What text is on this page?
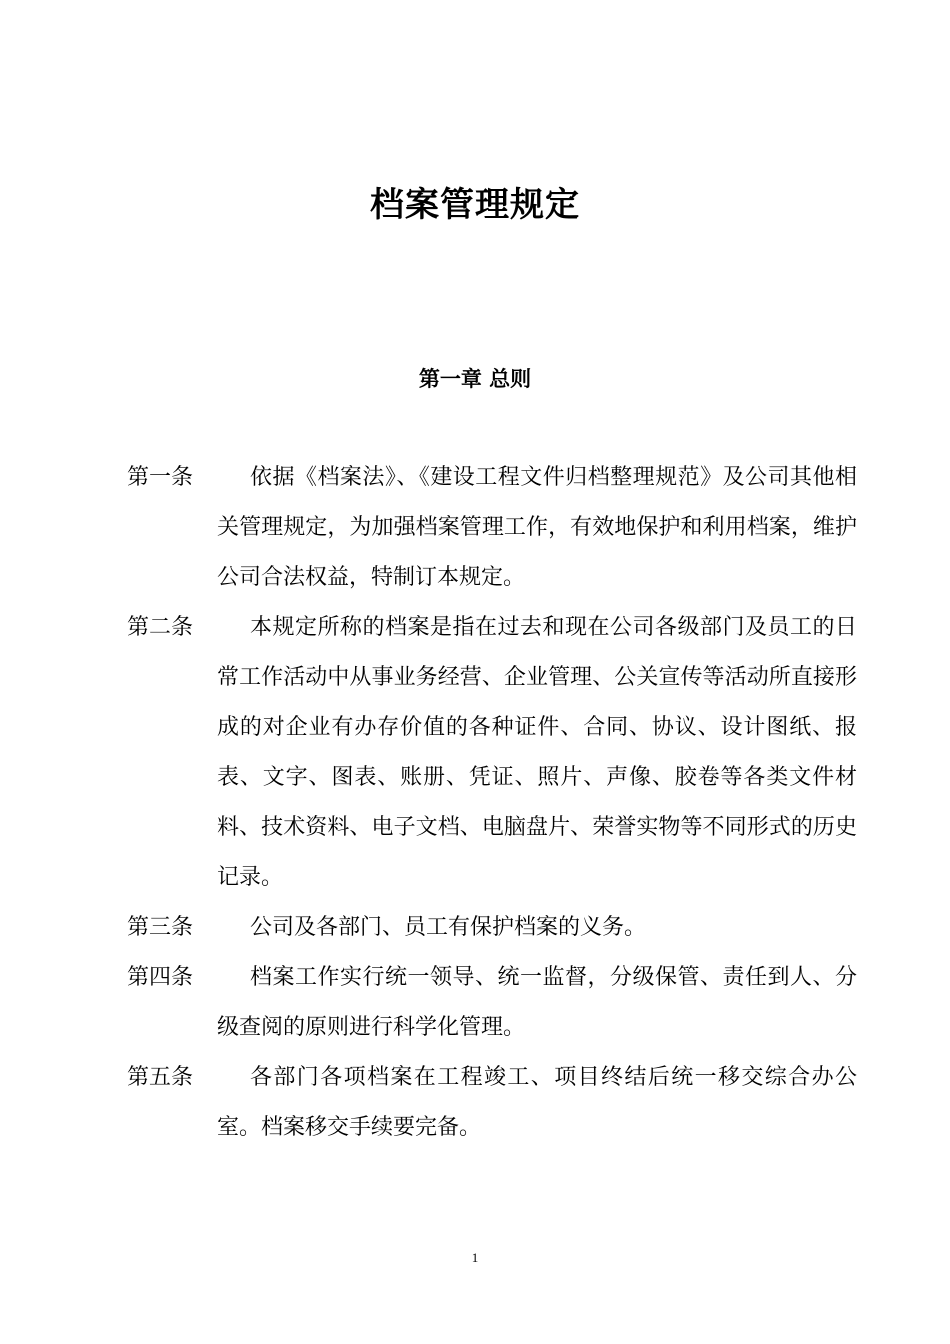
档案管理规定
第一章 总则
第一条	依据《档案法》、《建设工程文件归档整理规范》及公司其他相关管理规定，为加强档案管理工作，有效地保护和利用档案，维护公司合法权益，特制订本规定。
第二条	本规定所称的档案是指在过去和现在公司各级部门及员工的日常工作活动中从事业务经营、企业管理、公关宣传等活动所直接形成的对企业有办存价值的各种证件、合同、协议、设计图纸、报表、文字、图表、账册、凭证、照片、声像、胶卷等各类文件材料、技术资料、电子文档、电脑盘片、荣誉实物等不同形式的历史记录。
第三条	公司及各部门、员工有保护档案的义务。
第四条	档案工作实行统一领导、统一监督，分级保管、责任到人、分级查阅的原则进行科学化管理。
第五条	各部门各项档案在工程竣工、项目终结后统一移交综合办公室。档案移交手续要完备。
1
